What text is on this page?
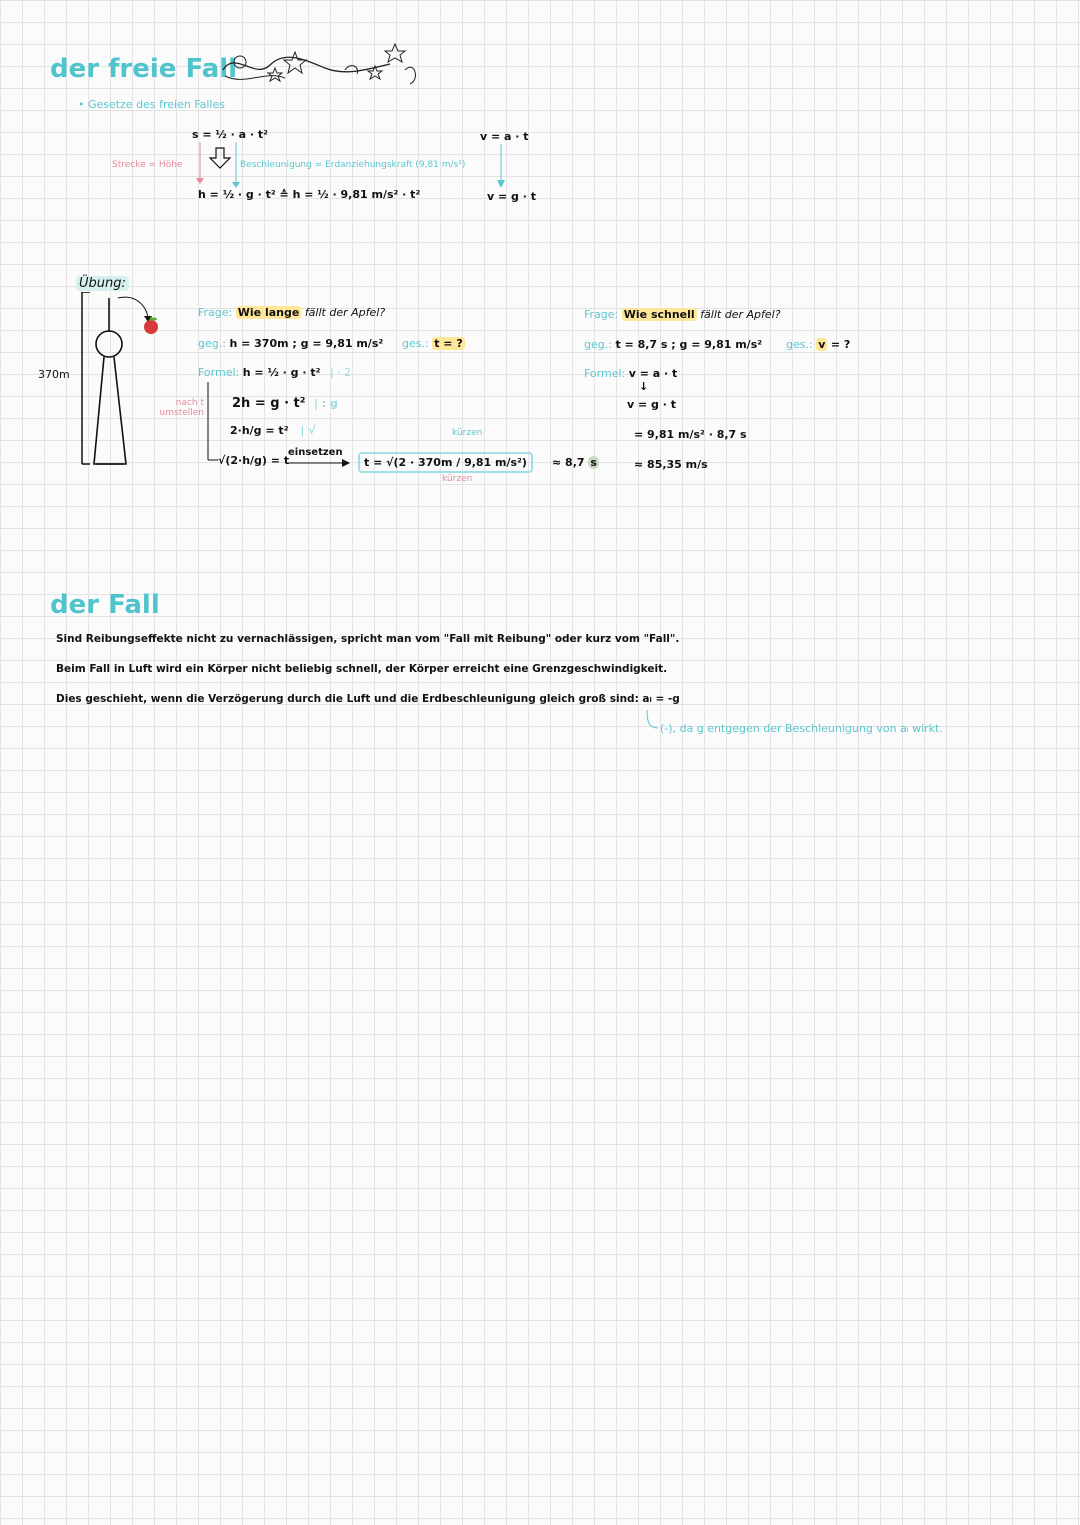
der freie Fall
• Gesetze des freien Falles
s = ½ · a · t²
Strecke = Höhe	Beschleunigung = Erdanziehungskraft (9,81 m/s²)
h = ½ · g · t² ≙ h = ½ · 9,81 m/s² · t²
v = a · t
v = g · t
Übung:
370m
Frage: Wie lange fällt der Apfel?
geg.: h = 370m ; g = 9,81 m/s² ges.: t = ?
Formel: h = ½ · g · t² | · 2
nach t umstellen
2h = g · t² | : g
2·h/g = t² | √
√(2·h/g) = t
einsetzen
t = √(2 · 370m / 9,81 m/s²)
kürzen
kürzen
≈ 8,7 s
Frage: Wie schnell fällt der Apfel?
geg.: t = 8,7 s ; g = 9,81 m/s² ges.: v = ?
Formel: v = a · t
↓
v = g · t
= 9,81 m/s² · 8,7 s
≈ 85,35 m/s
der Fall
Sind Reibungseffekte nicht zu vernachlässigen, spricht man vom "Fall mit Reibung" oder kurz vom "Fall".
Beim Fall in Luft wird ein Körper nicht beliebig schnell, der Körper erreicht eine Grenzgeschwindigkeit.
Dies geschieht, wenn die Verzögerung durch die Luft und die Erdbeschleunigung gleich groß sind: aₗ = -g
(-), da g entgegen der Beschleunigung von aₗ wirkt.
